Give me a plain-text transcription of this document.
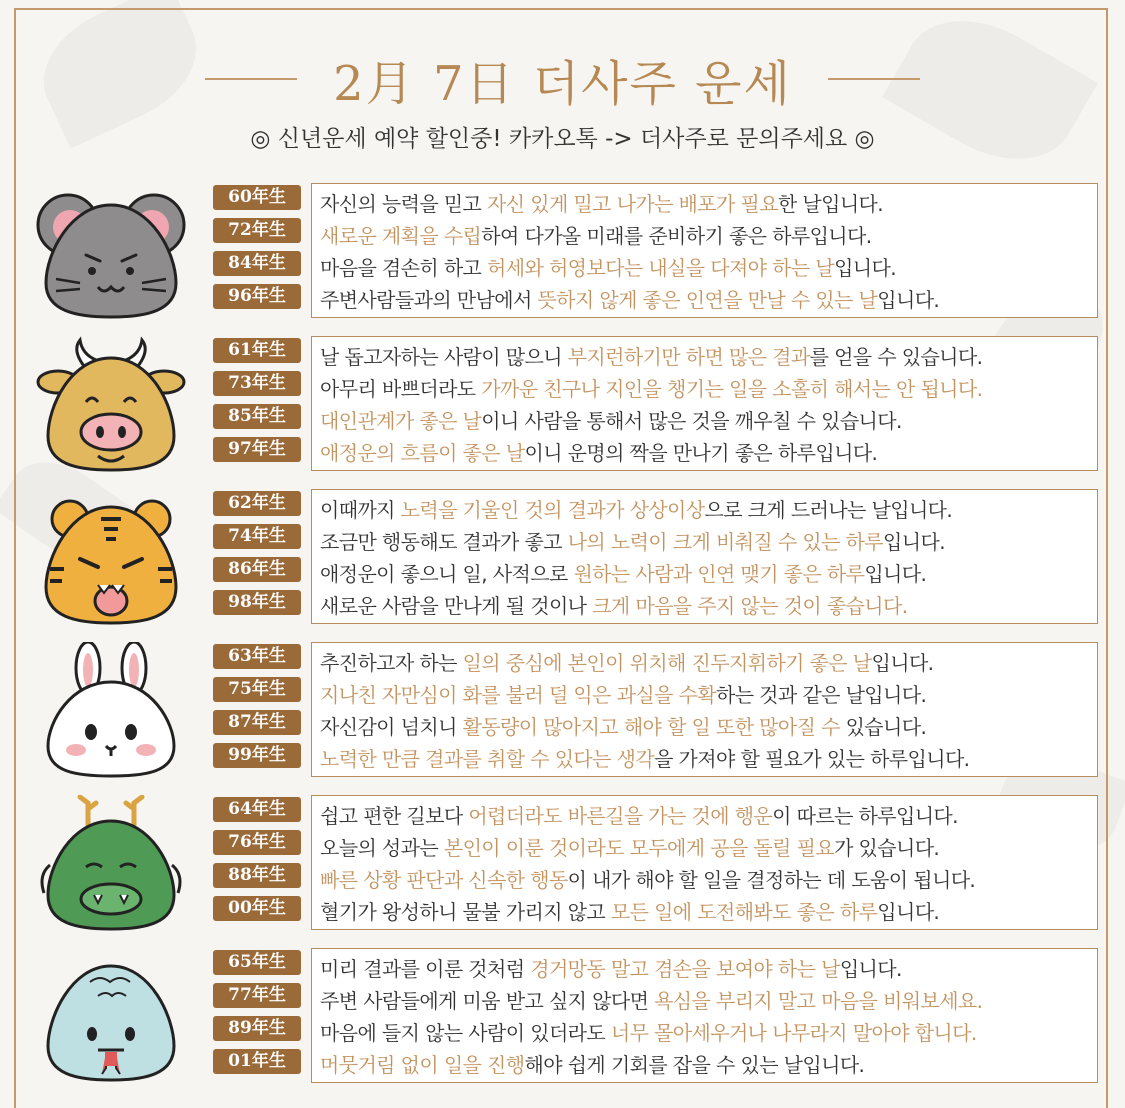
2月 7日 더사주 운세
◎ 신년운세 예약 할인중! 카카오톡 -> 더사주로 문의주세요 ◎
60年生
72年生
84年生
96年生
자신의 능력을 믿고 자신 있게 밀고 나가는 배포가 필요한 날입니다.
새로운 계획을 수립하여 다가올 미래를 준비하기 좋은 하루입니다.
마음을 겸손히 하고 허세와 허영보다는 내실을 다져야 하는 날입니다.
주변사람들과의 만남에서 뜻하지 않게 좋은 인연을 만날 수 있는 날입니다.
61年生
73年生
85年生
97年生
날 돕고자하는 사람이 많으니 부지런하기만 하면 많은 결과를 얻을 수 있습니다.
아무리 바쁘더라도 가까운 친구나 지인을 챙기는 일을 소홀히 해서는 안 됩니다.
대인관계가 좋은 날이니 사람을 통해서 많은 것을 깨우칠 수 있습니다.
애정운의 흐름이 좋은 날이니 운명의 짝을 만나기 좋은 하루입니다.
62年生
74年生
86年生
98年生
이때까지 노력을 기울인 것의 결과가 상상이상으로 크게 드러나는 날입니다.
조금만 행동해도 결과가 좋고 나의 노력이 크게 비춰질 수 있는 하루입니다.
애정운이 좋으니 일, 사적으로 원하는 사람과 인연 맺기 좋은 하루입니다.
새로운 사람을 만나게 될 것이나 크게 마음을 주지 않는 것이 좋습니다.
63年生
75年生
87年生
99年生
추진하고자 하는 일의 중심에 본인이 위치해 진두지휘하기 좋은 날입니다.
지나친 자만심이 화를 불러 덜 익은 과실을 수확하는 것과 같은 날입니다.
자신감이 넘치니 활동량이 많아지고 해야 할 일 또한 많아질 수 있습니다.
노력한 만큼 결과를 취할 수 있다는 생각을 가져야 할 필요가 있는 하루입니다.
64年生
76年生
88年生
00年生
쉽고 편한 길보다 어렵더라도 바른길을 가는 것에 행운이 따르는 하루입니다.
오늘의 성과는 본인이 이룬 것이라도 모두에게 공을 돌릴 필요가 있습니다.
빠른 상황 판단과 신속한 행동이 내가 해야 할 일을 결정하는 데 도움이 됩니다.
혈기가 왕성하니 물불 가리지 않고 모든 일에 도전해봐도 좋은 하루입니다.
65年生
77年生
89年生
01年生
미리 결과를 이룬 것처럼 경거망동 말고 겸손을 보여야 하는 날입니다.
주변 사람들에게 미움 받고 싶지 않다면 욕심을 부리지 말고 마음을 비워보세요.
마음에 들지 않는 사람이 있더라도 너무 몰아세우거나 나무라지 말아야 합니다.
머뭇거림 없이 일을 진행해야 쉽게 기회를 잡을 수 있는 날입니다.
